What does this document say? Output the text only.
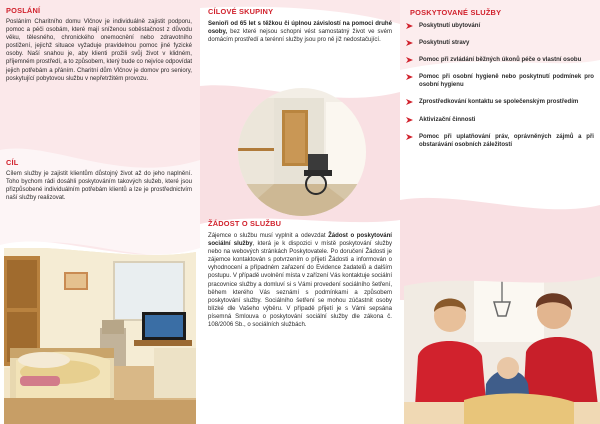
POSLÁNÍ

Posláním Charitního domu Vlčnov je individuálně zajistit podporu, pomoc a péči osobám, které mají sníženou soběstačnost z důvodu věku, tělesného, chronického onemocnění nebo zdravotního postižení, jejichž situace vyžaduje pravidelnou pomoc jiné fyzické osoby. Naší snahou je, aby klienti prožili svůj život v klidném, příjemném prostředí, a to způsobem, který bude co nejvíce odpovídat jejich potřebám a přáním. Charitní dům Vlčnov je domov pro seniory, poskytující pobytovou službu v nepřetržitém provozu.

CÍL

Cílem služby je zajistit klientům důstojný život až do jeho naplnění. Toho bychom rádi dosáhli poskytováním takových služeb, které jsou přizpůsobené individuálním potřebám klientů a lze je prostřednictvím naší služby realizovat.

CÍLOVÉ SKUPINY

Senioři od 65 let s těžkou či úplnou závislostí na pomoci druhé osoby, bez které nejsou schopni vést samostatný život ve svém domácím prostředí a terénní služby jsou pro ně již nedostačující.

ŽÁDOST O SLUŽBU

Zájemce o službu musí vyplnit a odevzdat Žádost o poskytování sociální služby, která je k dispozici v místě poskytování služby nebo na webových stránkách Poskytovatele. Po doručení Žádosti je zájemce kontaktován s potvrzením o přijetí Žádosti a informován o vyhodnocení a případném zařazení do Evidence žadatelů a dalším postupu. V případě uvolnění místa v zařízení Vás kontaktuje sociální pracovnice služby a domluví si s Vámi provedení sociálního šetření, během kterého Vás seznámí s podmínkami a způsobem poskytování služby. Sociálního šetření se mohou zúčastnit osoby blízké dle Vašeho výběru. V případě přijetí je s Vámi sepsána písemná Smlouva o poskytování sociální služby dle zákona č. 108/2006 Sb., o sociálních službách.

POSKYTOVANÉ SLUŽBY
Poskytnutí ubytování
Poskytnutí stravy
Pomoc při zvládání běžných úkonů péče o vlastní osobu
Pomoc při osobní hygieně nebo poskytnutí podmínek pro osobní hygienu
Zprostředkování kontaktu se společenským prostředím
Aktivizační činnosti
Pomoc při uplatňování práv, oprávněných zájmů a při obstarávání osobních záležitostí
